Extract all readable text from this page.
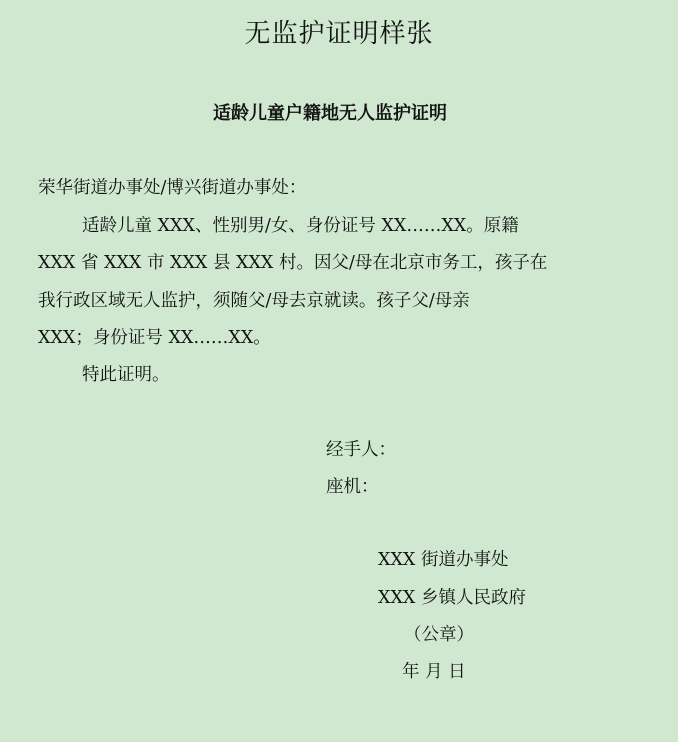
无监护证明样张
适龄儿童户籍地无人监护证明
荣华街道办事处/博兴街道办事处：
适龄儿童 XXX、性别男/女、身份证号 XX……XX。原籍
XXX 省 XXX 市 XXX 县 XXX 村。因父/母在北京市务工，孩子在
我行政区域无人监护，须随父/母去京就读。孩子父/母亲
XXX；身份证号 XX……XX。
特此证明。
经手人：
座机：
XXX 街道办事处
XXX 乡镇人民政府
（公章）
年 月 日
